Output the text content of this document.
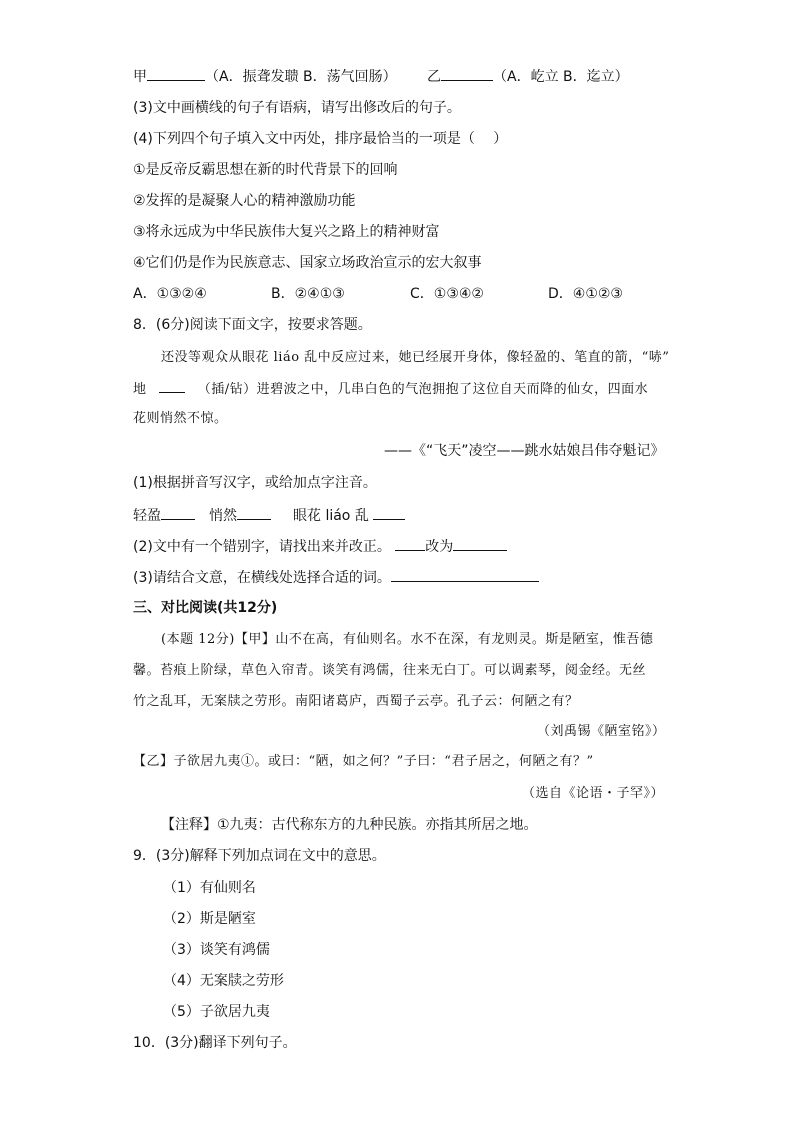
甲	（A．振聋发聩 B．荡气回肠） 乙	（A．屹立 B．迄立）
(3)文中画横线的句子有语病，请写出修改后的句子。
(4)下列四个句子填入文中丙处，排序最恰当的一项是（　 ）
①是反帝反霸思想在新的时代背景下的回响
②发挥的是凝聚人心的精神激励功能
③将永远成为中华民族伟大复兴之路上的精神财富
④它们仍是作为民族意志、国家立场政治宣示的宏大叙事
A．①③②④	B．②④①③	C．①③④②	D．④①②③
8．(6分)阅读下面文字，按要求答题。
还没等观众从眼花 liáo 乱中反应过来，她已经展开身体，像轻盈的、笔直的箭，“哧”
地	（插/钻）进碧波之中，几串白色的气泡拥抱了这位自天而降的仙女，四面水
花则悄然不惊。
——《“飞天”凌空——跳水姑娘吕伟夺魁记》
(1)根据拼音写汉字，或给加点字注音。
轻盈	悄然	眼花 liáo 乱
(2)文中有一个错别字，请找出来并改正。 改为
(3)请结合文意，在横线处选择合适的词。
三、对比阅读(共12分)
(本题 12分)【甲】山不在高，有仙则名。水不在深，有龙则灵。斯是陋室，惟吾德
馨。苔痕上阶绿，草色入帘青。谈笑有鸿儒，往来无白丁。可以调素琴，阅金经。无丝
竹之乱耳，无案牍之劳形。南阳诸葛庐，西蜀子云亭。孔子云：何陋之有？
（刘禹锡《陋室铭》）
【乙】子欲居九夷①。或曰：“陋，如之何？”子曰：“君子居之，何陋之有？”
（选自《论语・子罕》）
【注释】①九夷：古代称东方的九种民族。亦指其所居之地。
9．(3分)解释下列加点词在文中的意思。
（1）有仙则名
（2）斯是陋室
（3）谈笑有鸿儒
（4）无案牍之劳形
（5）子欲居九夷
10．(3分)翻译下列句子。
